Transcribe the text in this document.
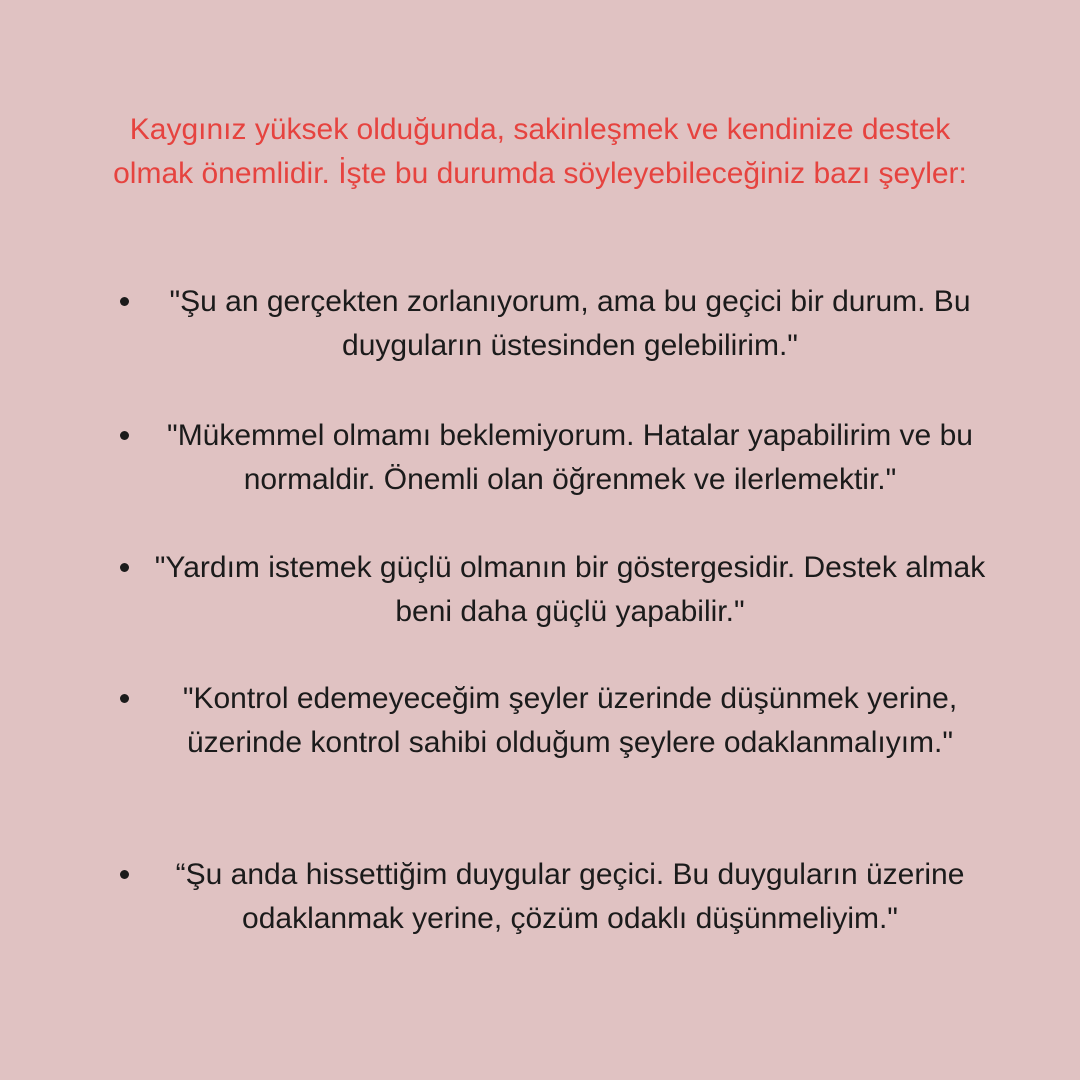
Kaygınız yüksek olduğunda, sakinleşmek ve kendinize destek olmak önemlidir. İşte bu durumda söyleyebileceğiniz bazı şeyler:

"Şu an gerçekten zorlanıyorum, ama bu geçici bir durum. Bu duyguların üstesinden gelebilirim."

"Mükemmel olmamı beklemiyorum. Hatalar yapabilirim ve bu normaldir. Önemli olan öğrenmek ve ilerlemektir."

"Yardım istemek güçlü olmanın bir göstergesidir. Destek almak beni daha güçlü yapabilir."

"Kontrol edemeyeceğim şeyler üzerinde düşünmek yerine, üzerinde kontrol sahibi olduğum şeylere odaklanmalıyım."

“Şu anda hissettiğim duygular geçici. Bu duyguların üzerine odaklanmak yerine, çözüm odaklı düşünmeliyim."
